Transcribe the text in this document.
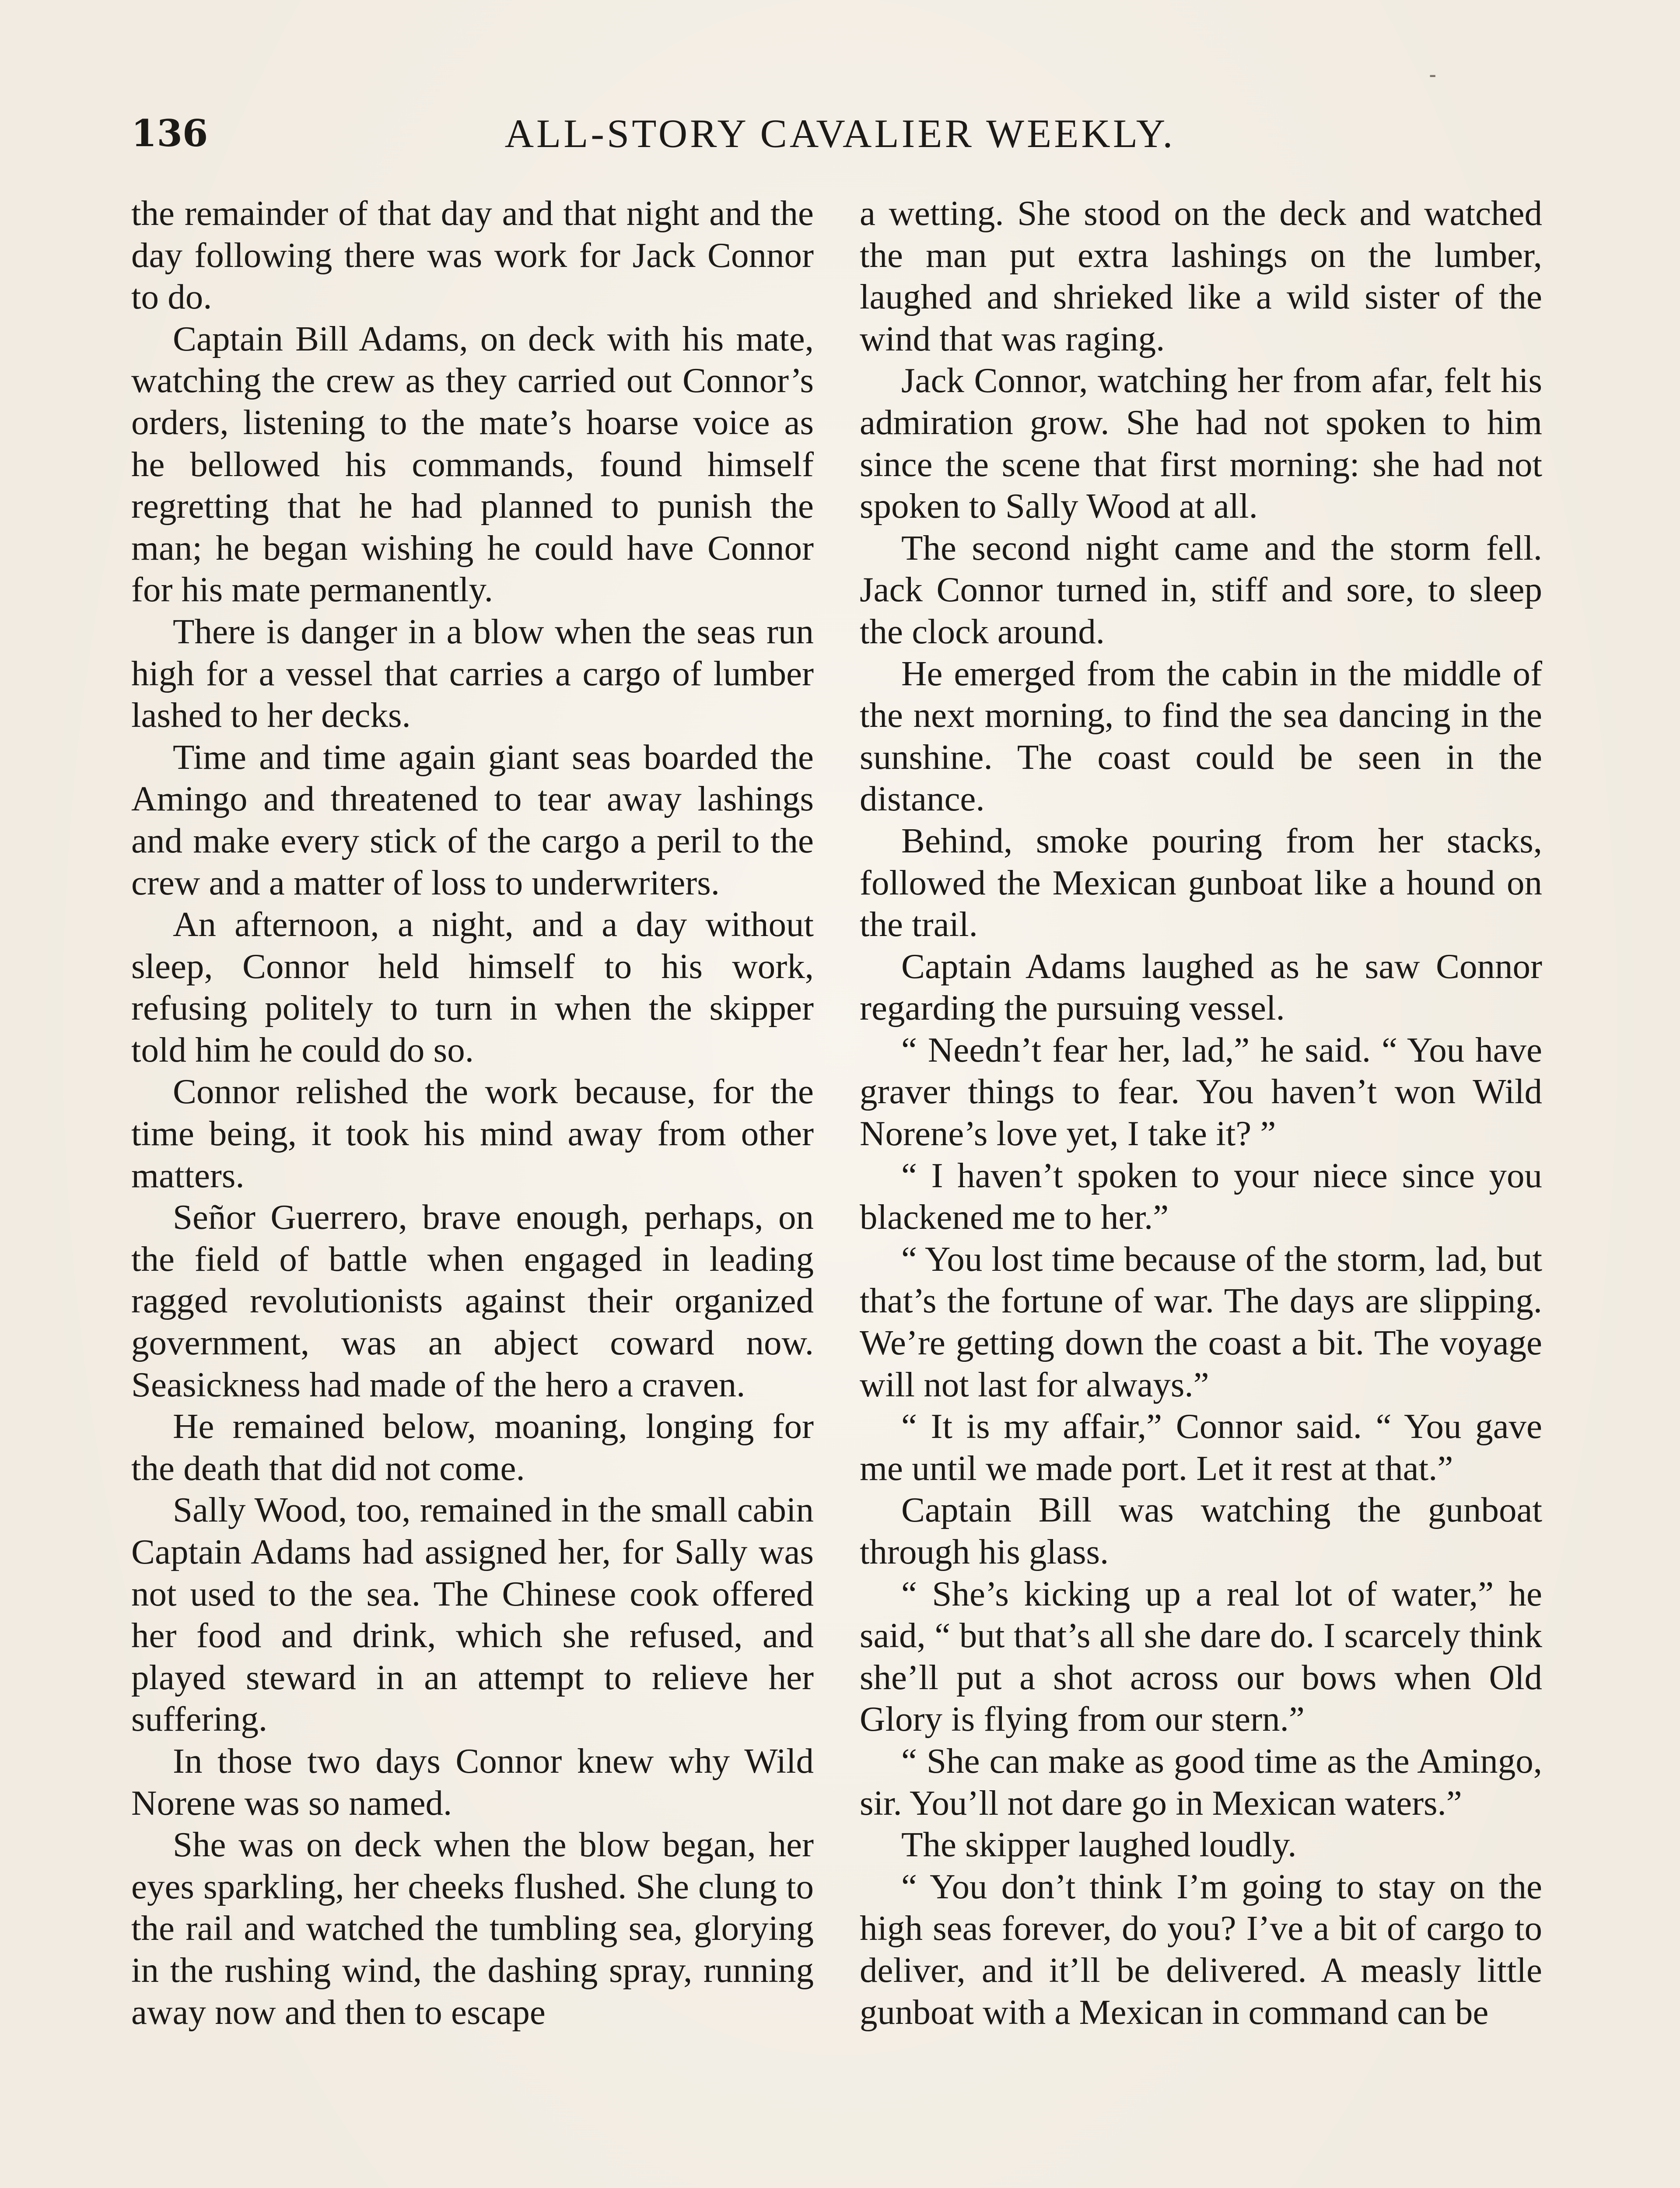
⁃
136	ALL-STORY CAVALIER WEEKLY.

the remainder of that day and that night and the day following there was work for Jack Connor to do.

Captain Bill Adams, on deck with his mate, watching the crew as they carried out Connor’s orders, listening to the mate’s hoarse voice as he bellowed his commands, found himself regretting that he had planned to punish the man; he began wishing he could have Connor for his mate permanently.

There is danger in a blow when the seas run high for a vessel that carries a cargo of lumber lashed to her decks.

Time and time again giant seas boarded the Amingo and threatened to tear away lashings and make every stick of the cargo a peril to the crew and a matter of loss to underwriters.

An afternoon, a night, and a day without sleep, Connor held himself to his work, refusing politely to turn in when the skipper told him he could do so.

Connor relished the work because, for the time being, it took his mind away from other matters.

Señor Guerrero, brave enough, perhaps, on the field of battle when engaged in leading ragged revolutionists against their organized government, was an abject coward now. Seasickness had made of the hero a craven.

He remained below, moaning, longing for the death that did not come.

Sally Wood, too, remained in the small cabin Captain Adams had assigned her, for Sally was not used to the sea. The Chinese cook offered her food and drink, which she refused, and played steward in an attempt to relieve her suffering.

In those two days Connor knew why Wild Norene was so named.

She was on deck when the blow began, her eyes sparkling, her cheeks flushed. She clung to the rail and watched the tumbling sea, glorying in the rushing wind, the dashing spray, running away now and then to escape

a wetting. She stood on the deck and watched the man put extra lashings on the lumber, laughed and shrieked like a wild sister of the wind that was raging.

Jack Connor, watching her from afar, felt his admiration grow. She had not spoken to him since the scene that first morning: she had not spoken to Sally Wood at all.

The second night came and the storm fell. Jack Connor turned in, stiff and sore, to sleep the clock around.

He emerged from the cabin in the middle of the next morning, to find the sea dancing in the sunshine. The coast could be seen in the distance.

Behind, smoke pouring from her stacks, followed the Mexican gunboat like a hound on the trail.

Captain Adams laughed as he saw Connor regarding the pursuing vessel.

“ Needn’t fear her, lad,” he said. “ You have graver things to fear. You haven’t won Wild Norene’s love yet, I take it? ”

“ I haven’t spoken to your niece since you blackened me to her.”

“ You lost time because of the storm, lad, but that’s the fortune of war. The days are slipping. We’re getting down the coast a bit. The voyage will not last for always.”

“ It is my affair,” Connor said. “ You gave me until we made port. Let it rest at that.”

Captain Bill was watching the gunboat through his glass.

“ She’s kicking up a real lot of water,” he said, “ but that’s all she dare do. I scarcely think she’ll put a shot across our bows when Old Glory is flying from our stern.”

“ She can make as good time as the Amingo, sir. You’ll not dare go in Mexican waters.”

The skipper laughed loudly.

“ You don’t think I’m going to stay on the high seas forever, do you? I’ve a bit of cargo to deliver, and it’ll be delivered. A measly little gunboat with a Mexican in command can be
